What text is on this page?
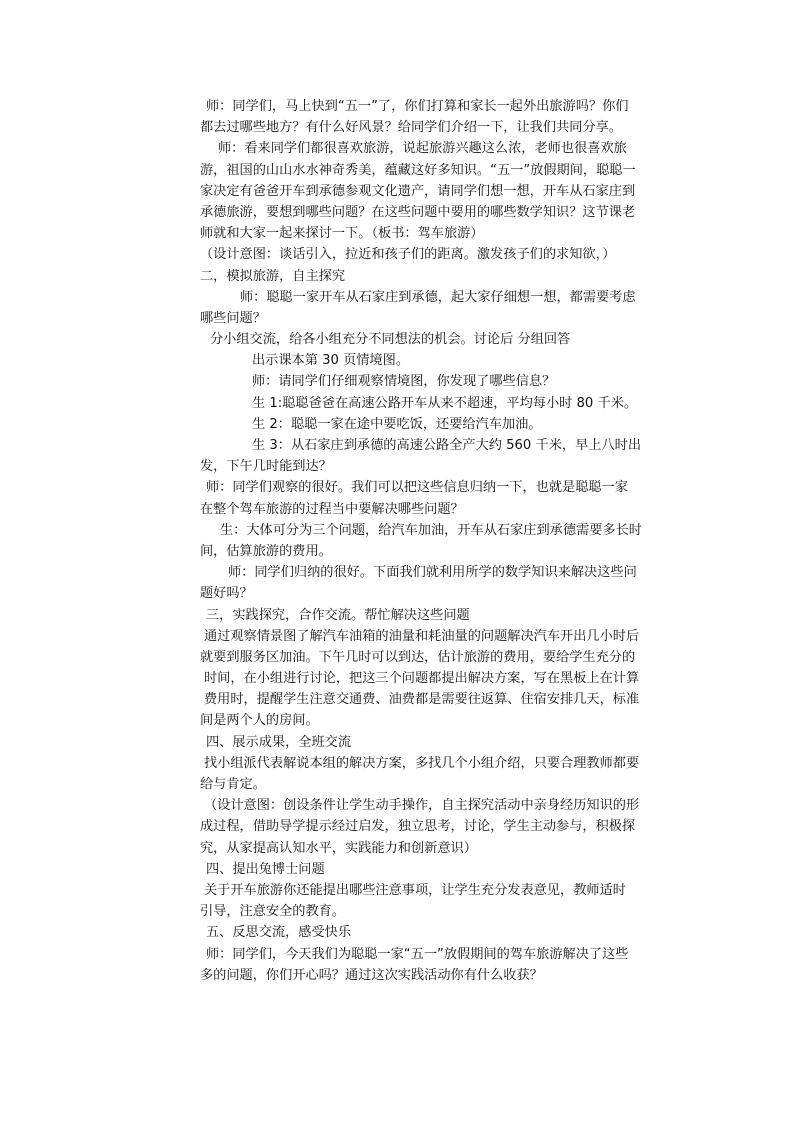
师：同学们，马上快到“五一”了，你们打算和家长一起外出旅游吗？你们
都去过哪些地方？有什么好风景？给同学们介绍一下，让我们共同分享。
师：看来同学们都很喜欢旅游，说起旅游兴趣这么浓，老师也很喜欢旅
游，祖国的山山水水神奇秀美，蕴藏这好多知识。“五一”放假期间，聪聪一
家决定有爸爸开车到承德参观文化遗产，请同学们想一想，开车从石家庄到
承德旅游，要想到哪些问题？在这些问题中要用的哪些数学知识？这节课老
师就和大家一起来探讨一下。（板书：驾车旅游）
（设计意图：谈话引入，拉近和孩子们的距离。激发孩子们的求知欲，）
二，模拟旅游，自主探究
师：聪聪一家开车从石家庄到承德，起大家仔细想一想，都需要考虑
哪些问题？
分小组交流，给各小组充分不同想法的机会。讨论后 分组回答
出示课本第 30 页情境图。
师：请同学们仔细观察情境图，你发现了哪些信息？
生 1:聪聪爸爸在高速公路开车从来不超速，平均每小时 80 千米。
生 2：聪聪一家在途中要吃饭，还要给汽车加油。
生 3：从石家庄到承德的高速公路全产大约 560 千米，早上八时出
发，下午几时能到达？
师：同学们观察的很好。我们可以把这些信息归纳一下，也就是聪聪一家
在整个驾车旅游的过程当中要解决哪些问题？
生：大体可分为三个问题，给汽车加油，开车从石家庄到承德需要多长时
间，估算旅游的费用。
师：同学们归纳的很好。下面我们就利用所学的数学知识来解决这些问
题好吗？
三，实践探究，合作交流。帮忙解决这些问题
通过观察情景图了解汽车油箱的油量和耗油量的问题解决汽车开出几小时后
就要到服务区加油。下午几时可以到达，估计旅游的费用，要给学生充分的
时间，在小组进行讨论，把这三个问题都提出解决方案，写在黑板上在计算
费用时，提醒学生注意交通费、油费都是需要往返算、住宿安排几天，标准
间是两个人的房间。
四、展示成果，全班交流
找小组派代表解说本组的解决方案，多找几个小组介绍，只要合理教师都要
给与肯定。
（设计意图：创设条件让学生动手操作，自主探究活动中亲身经历知识的形
成过程，借助导学提示经过启发，独立思考，讨论，学生主动参与，积极探
究，从家提高认知水平，实践能力和创新意识）
四、提出兔博士问题
关于开车旅游你还能提出哪些注意事项，让学生充分发表意见，教师适时
引导，注意安全的教育。
五、反思交流，感受快乐
师：同学们，今天我们为聪聪一家“五一”放假期间的驾车旅游解决了这些
多的问题，你们开心吗？通过这次实践活动你有什么收获？
